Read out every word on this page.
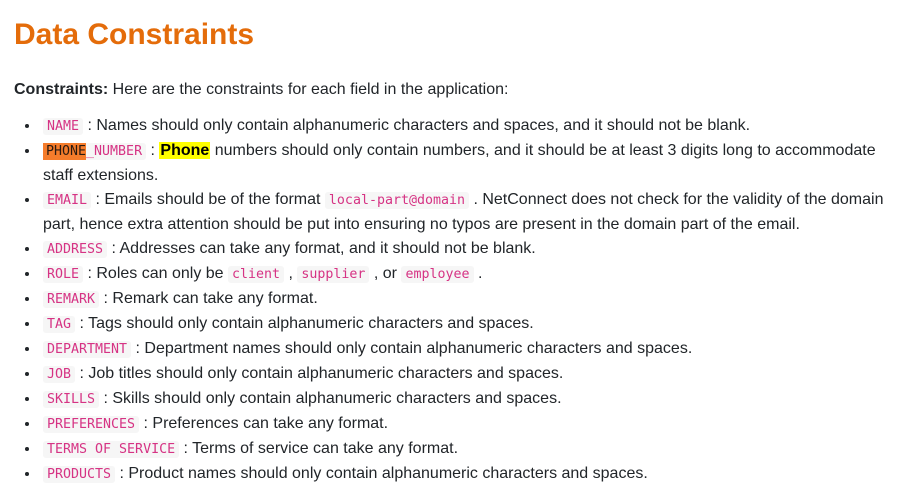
Data Constraints

Constraints: Here are the constraints for each field in the application:

• NAME : Names should only contain alphanumeric characters and spaces, and it should not be blank.
• PHONE_NUMBER : Phone numbers should only contain numbers, and it should be at least 3 digits long to accommodate staff extensions.
• EMAIL : Emails should be of the format local-part@domain . NetConnect does not check for the validity of the domain part, hence extra attention should be put into ensuring no typos are present in the domain part of the email.
• ADDRESS : Addresses can take any format, and it should not be blank.
• ROLE : Roles can only be client , supplier , or employee .
• REMARK : Remark can take any format.
• TAG : Tags should only contain alphanumeric characters and spaces.
• DEPARTMENT : Department names should only contain alphanumeric characters and spaces.
• JOB : Job titles should only contain alphanumeric characters and spaces.
• SKILLS : Skills should only contain alphanumeric characters and spaces.
• PREFERENCES : Preferences can take any format.
• TERMS OF SERVICE : Terms of service can take any format.
• PRODUCTS : Product names should only contain alphanumeric characters and spaces.
